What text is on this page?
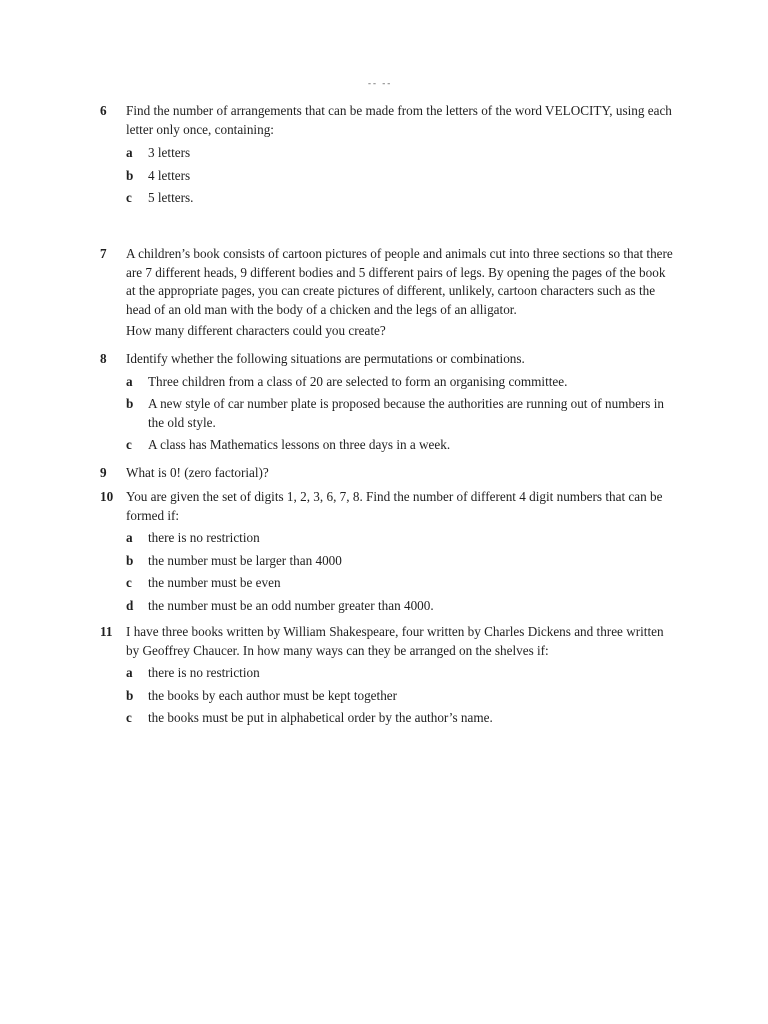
-- --
6	Find the number of arrangements that can be made from the letters of the word VELOCITY, using each letter only once, containing:
a 3 letters
b 4 letters
c 5 letters.
7	A children’s book consists of cartoon pictures of people and animals cut into three sections so that there are 7 different heads, 9 different bodies and 5 different pairs of legs. By opening the pages of the book at the appropriate pages, you can create pictures of different, unlikely, cartoon characters such as the head of an old man with the body of a chicken and the legs of an alligator.
How many different characters could you create?
8	Identify whether the following situations are permutations or combinations.
a Three children from a class of 20 are selected to form an organising committee.
b A new style of car number plate is proposed because the authorities are running out of numbers in the old style.
c A class has Mathematics lessons on three days in a week.
9	What is 0! (zero factorial)?
10 You are given the set of digits 1, 2, 3, 6, 7, 8. Find the number of different 4 digit numbers that can be formed if:
a there is no restriction
b the number must be larger than 4000
c the number must be even
d the number must be an odd number greater than 4000.
11	I have three books written by William Shakespeare, four written by Charles Dickens and three written by Geoffrey Chaucer. In how many ways can they be arranged on the shelves if:
a there is no restriction
b the books by each author must be kept together
c the books must be put in alphabetical order by the author’s name.
